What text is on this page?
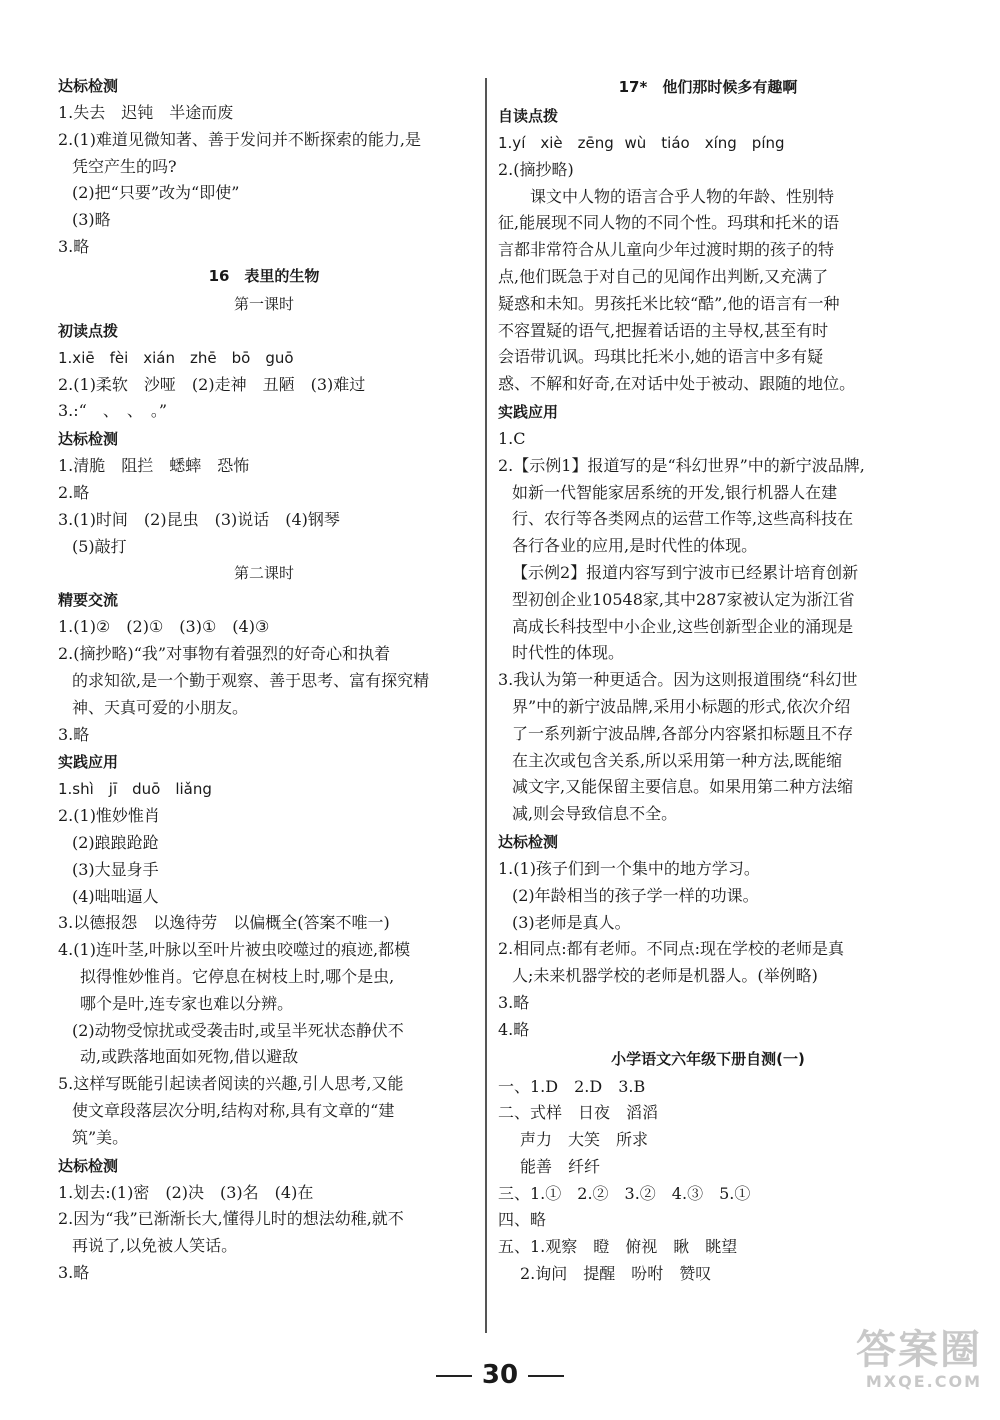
达标检测
1.失去　迟钝　半途而废
2.(1)难道见微知著、善于发问并不断探索的能力,是
凭空产生的吗?
(2)把“只要”改为“即使”
(3)略
3.略
16　表里的生物
第一课时
初读点拨
1.xiē　fèi　xián　zhē　bō　guō
2.(1)柔软　沙哑　(2)走神　丑陋　(3)难过
3.:“　、　、　。”
达标检测
1.清脆　阻拦　蟋蟀　恐怖
2.略
3.(1)时间　(2)昆虫　(3)说话　(4)钢琴
(5)敲打
第二课时
精要交流
1.(1)②　(2)①　(3)①　(4)③
2.(摘抄略)“我”对事物有着强烈的好奇心和执着
的求知欲,是一个勤于观察、善于思考、富有探究精
神、天真可爱的小朋友。
3.略
实践应用
1.shì　jī　duō　liǎng
2.(1)惟妙惟肖
(2)踉踉跄跄
(3)大显身手
(4)咄咄逼人
3.以德报怨　以逸待劳　以偏概全(答案不唯一)
4.(1)连叶茎,叶脉以至叶片被虫咬噬过的痕迹,都模
拟得惟妙惟肖。它停息在树枝上时,哪个是虫,
哪个是叶,连专家也难以分辨。
(2)动物受惊扰或受袭击时,或呈半死状态静伏不
动,或跌落地面如死物,借以避敌
5.这样写既能引起读者阅读的兴趣,引人思考,又能
使文章段落层次分明,结构对称,具有文章的“建
筑”美。
达标检测
1.划去:(1)密　(2)决　(3)名　(4)在
2.因为“我”已渐渐长大,懂得儿时的想法幼稚,就不
再说了,以免被人笑话。
3.略
17*　他们那时候多有趣啊
自读点拨
1.yí　xiè　zēng wù　tiáo　xíng　píng
2.(摘抄略)
课文中人物的语言合乎人物的年龄、性别特
征,能展现不同人物的不同个性。玛琪和托米的语
言都非常符合从儿童向少年过渡时期的孩子的特
点,他们既急于对自己的见闻作出判断,又充满了
疑惑和未知。男孩托米比较“酷”,他的语言有一种
不容置疑的语气,把握着话语的主导权,甚至有时
会语带讥讽。玛琪比托米小,她的语言中多有疑
惑、不解和好奇,在对话中处于被动、跟随的地位。
实践应用
1.C
2.【示例1】报道写的是“科幻世界”中的新宁波品牌,
如新一代智能家居系统的开发,银行机器人在建
行、农行等各类网点的运营工作等,这些高科技在
各行各业的应用,是时代性的体现。
【示例2】报道内容写到宁波市已经累计培育创新
型初创企业10548家,其中287家被认定为浙江省
高成长科技型中小企业,这些创新型企业的涌现是
时代性的体现。
3.我认为第一种更适合。因为这则报道围绕“科幻世
界”中的新宁波品牌,采用小标题的形式,依次介绍
了一系列新宁波品牌,各部分内容紧扣标题且不存
在主次或包含关系,所以采用第一种方法,既能缩
减文字,又能保留主要信息。如果用第二种方法缩
减,则会导致信息不全。
达标检测
1.(1)孩子们到一个集中的地方学习。
(2)年龄相当的孩子学一样的功课。
(3)老师是真人。
2.相同点:都有老师。不同点:现在学校的老师是真
人;未来机器学校的老师是机器人。(举例略)
3.略
4.略
小学语文六年级下册自测(一)
一、1.D　2.D　3.B
二、式样　日夜　滔滔
声力　大笑　所求
能善　纤纤
三、1.①　2.②　3.②　4.③　5.①
四、略
五、1.观察　瞪　俯视　瞅　眺望
2.询问　提醒　吩咐　赞叹
30
答案圈
MXQE.COM
